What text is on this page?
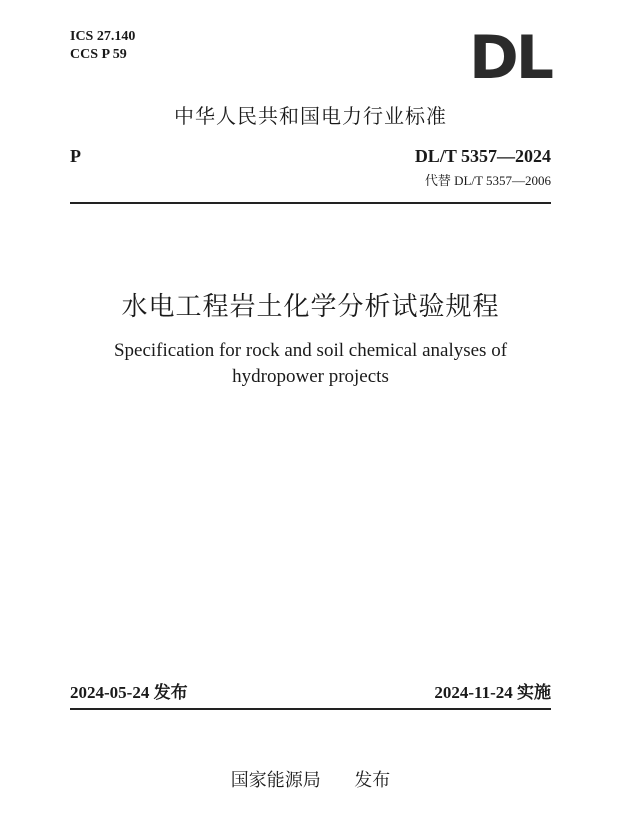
ICS 27.140
CCS P 59	DL
中华人民共和国电力行业标准
P	DL/T 5357—2024
代替 DL/T 5357—2006
水电工程岩土化学分析试验规程
Specification for rock and soil chemical analyses of
hydropower projects
2024-05-24 发布	2024-11-24 实施
国家能源局 发布
